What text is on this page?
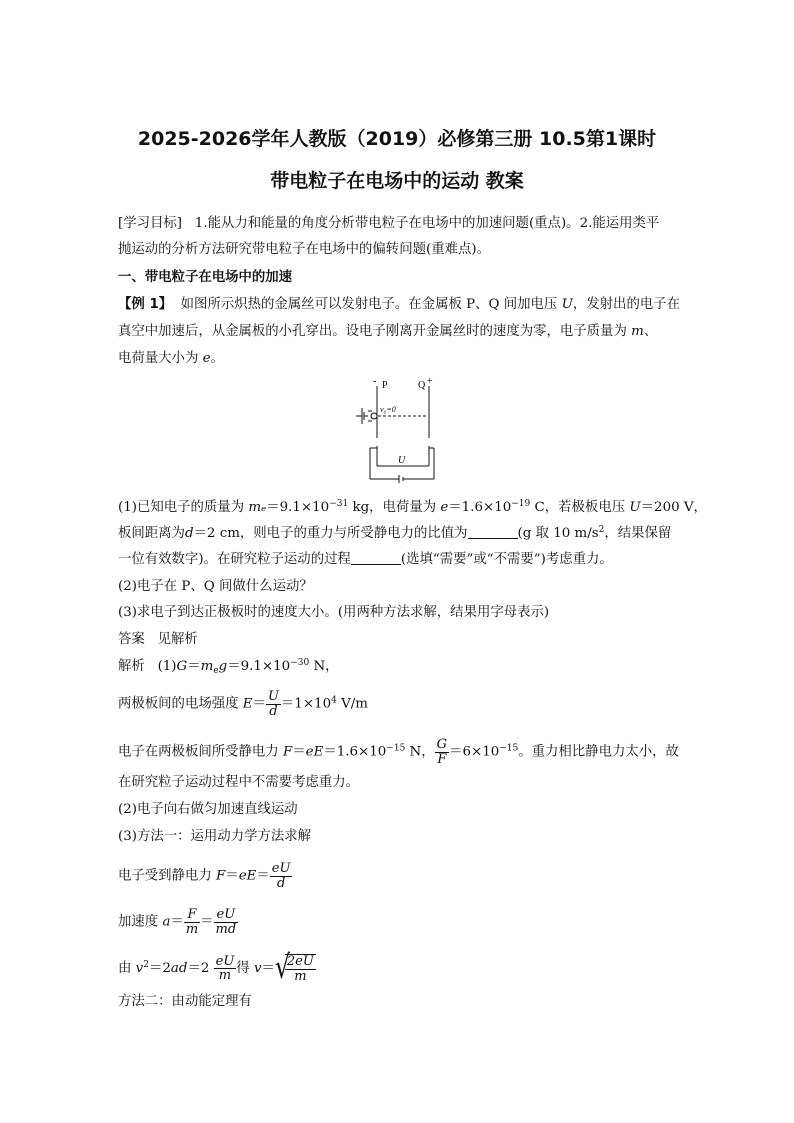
2025-2026学年人教版（2019）必修第三册 10.5第1课时
带电粒子在电场中的运动 教案
[学习目标] 1.能从力和能量的角度分析带电粒子在电场中的加速问题(重点)。2.能运用类平
抛运动的分析方法研究带电粒子在电场中的偏转问题(重难点)。
一、带电粒子在电场中的加速
【例 1】 如图所示炽热的金属丝可以发射电子。在金属板 P、Q 间加电压 U，发射出的电子在
真空中加速后，从金属板的小孔穿出。设电子刚离开金属丝时的速度为零，电子质量为 m、
电荷量大小为 e。
P	Q
-	+
v₀=0
U
(1)已知电子的质量为 $m_e=9.1\times 10^{-31}$ kg，电荷量为 $e=1.6\times 10^{-19}$ C，若极板电压 U＝200 V，
板间距离为d＝2 cm，则电子的重力与所受静电力的比值为	(g 取 10 $m/s^2$，结果保留
一位有效数字)。在研究粒子运动的过程	(选填“需要”或“不需要”)考虑重力。
(2)电子在 P、Q 间做什么运动？
(3)求电子到达正极板时的速度大小。(用两种方法求解，结果用字母表示)
答案 见解析
解析 $(1)G=m_eg=9.1\times 10^{-30}$ N，
两极板间的电场强度 $E= \frac{U}{d} =1\times 10^4$ V/m
电子在两极板间所受静电力 $F=eE=1.6\times 10^{-15}$ N， $\frac{G}{F} =6\times 10^{-15}$。重力相比静电力太小，故
在研究粒子运动过程中不需要考虑重力。
(2)电子向右做匀加速直线运动
(3)方法一：运用动力学方法求解
电子受到静电力 $F=eE= \frac{eU}{d}$
加速度 $a= \frac{F}{m} = \frac{eU}{md}$
由 $v^2=2ad=2 \frac{eU}{m}$ 得 v＝ √
$\frac{2eU}{m}$
方法二：由动能定理有
